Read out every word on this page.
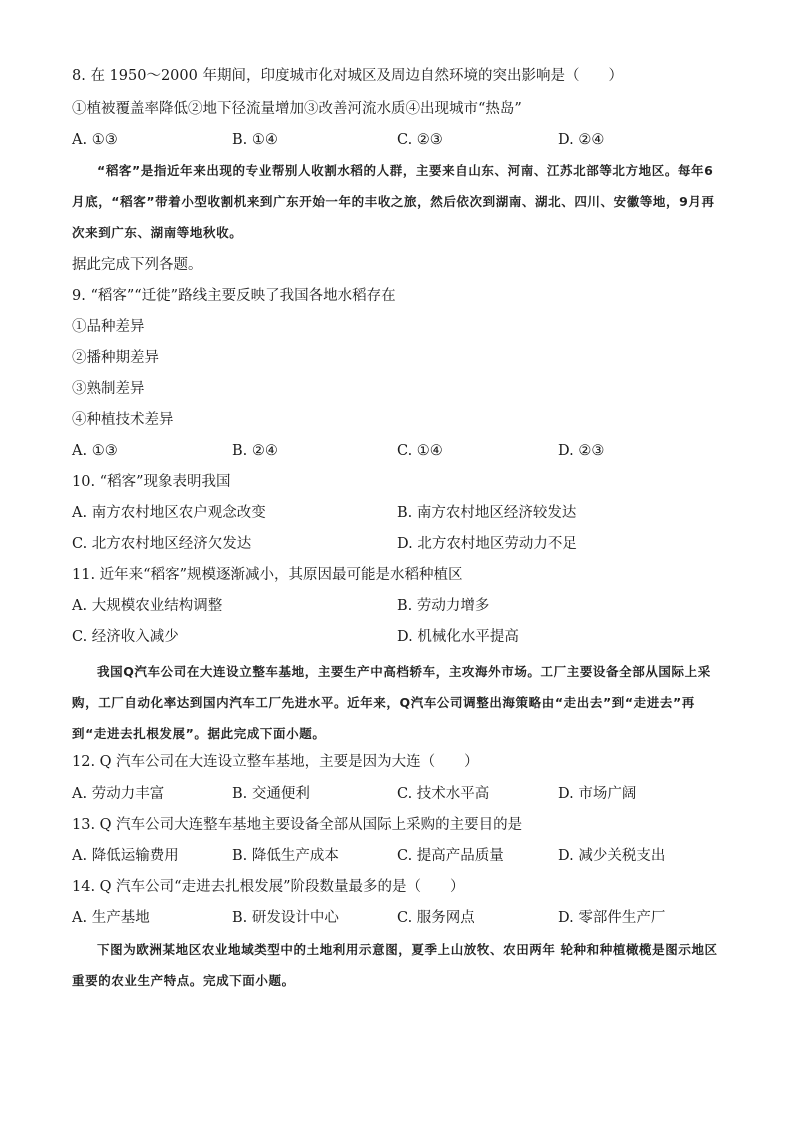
8. 在 1950～2000 年期间，印度城市化对城区及周边自然环境的突出影响是（　　）
①植被覆盖率降低②地下径流量增加③改善河流水质④出现城市“热岛”
A. ①③	B. ①④	C. ②③	D. ②④
“稻客”是指近年来出现的专业帮别人收割水稻的人群，主要来自山东、河南、江苏北部等北方地区。每年6月底，“稻客”带着小型收割机来到广东开始一年的丰收之旅，然后依次到湖南、湖北、四川、安徽等地，9月再次来到广东、湖南等地秋收。
据此完成下列各题。
9. “稻客”“迁徙”路线主要反映了我国各地水稻存在
①品种差异
②播种期差异
③熟制差异
④种植技术差异
A. ①③	B. ②④	C. ①④	D. ②③
10. “稻客”现象表明我国
A. 南方农村地区农户观念改变	B. 南方农村地区经济较发达
C. 北方农村地区经济欠发达	D. 北方农村地区劳动力不足
11. 近年来“稻客”规模逐渐减小，其原因最可能是水稻种植区
A. 大规模农业结构调整	B. 劳动力增多
C. 经济收入减少	D. 机械化水平提高
我国Q汽车公司在大连设立整车基地，主要生产中高档轿车，主攻海外市场。工厂主要设备全部从国际上采购，工厂自动化率达到国内汽车工厂先进水平。近年来，Q汽车公司调整出海策略由“走出去”到“走进去”再到“走进去扎根发展”。据此完成下面小题。
12. Q 汽车公司在大连设立整车基地，主要是因为大连（　　）
A. 劳动力丰富	B. 交通便利	C. 技术水平高	D. 市场广阔
13. Q 汽车公司大连整车基地主要设备全部从国际上采购的主要目的是
A. 降低运输费用	B. 降低生产成本	C. 提高产品质量	D. 减少关税支出
14. Q 汽车公司“走进去扎根发展”阶段数量最多的是（　　）
A. 生产基地	B. 研发设计中心	C. 服务网点	D. 零部件生产厂
下图为欧洲某地区农业地域类型中的土地利用示意图，夏季上山放牧、农田两年 轮种和种植橄榄是图示地区重要的农业生产特点。完成下面小题。
